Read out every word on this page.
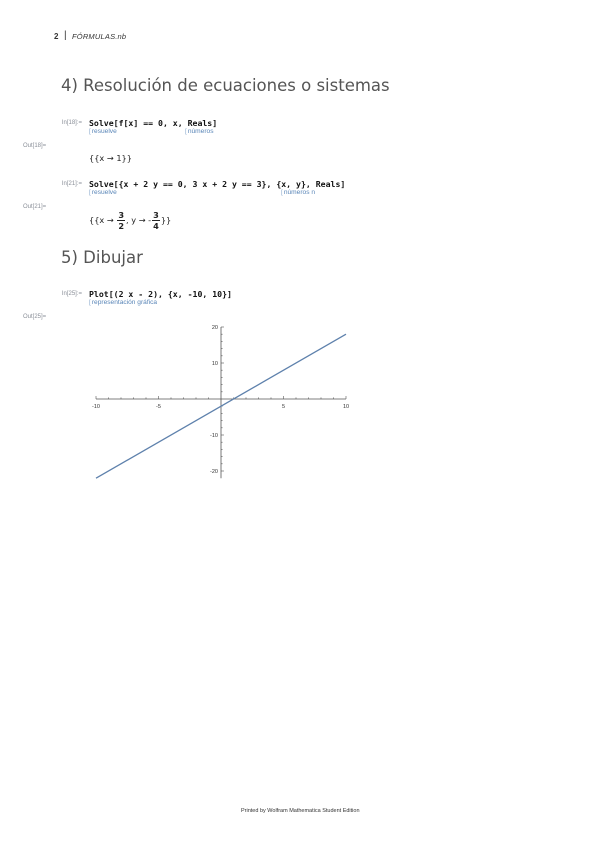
2 | FÓRMULAS.nb
4) Resolución de ecuaciones o sistemas
In[18]:= Solve[f[x] == 0, x, Reals]
[ resuelve	[ números
Out[18]=
{{x → 1}}
In[21]:= Solve[{x + 2 y == 0, 3 x + 2 y == 3}, {x, y}, Reals]
[ resuelve	[ números n
Out[21]=
{{$x \to \frac{3}{2}$ , y → - $\frac{3}{4}$ }}
5) Dibujar
In[25]:= Plot[(2 x - 2), {x, -10, 10}]
[ representación gráfica
Out[25]=
-10	-5	5	10
20
10
-10
-20
Printed by Wolfram Mathematica Student Edition
